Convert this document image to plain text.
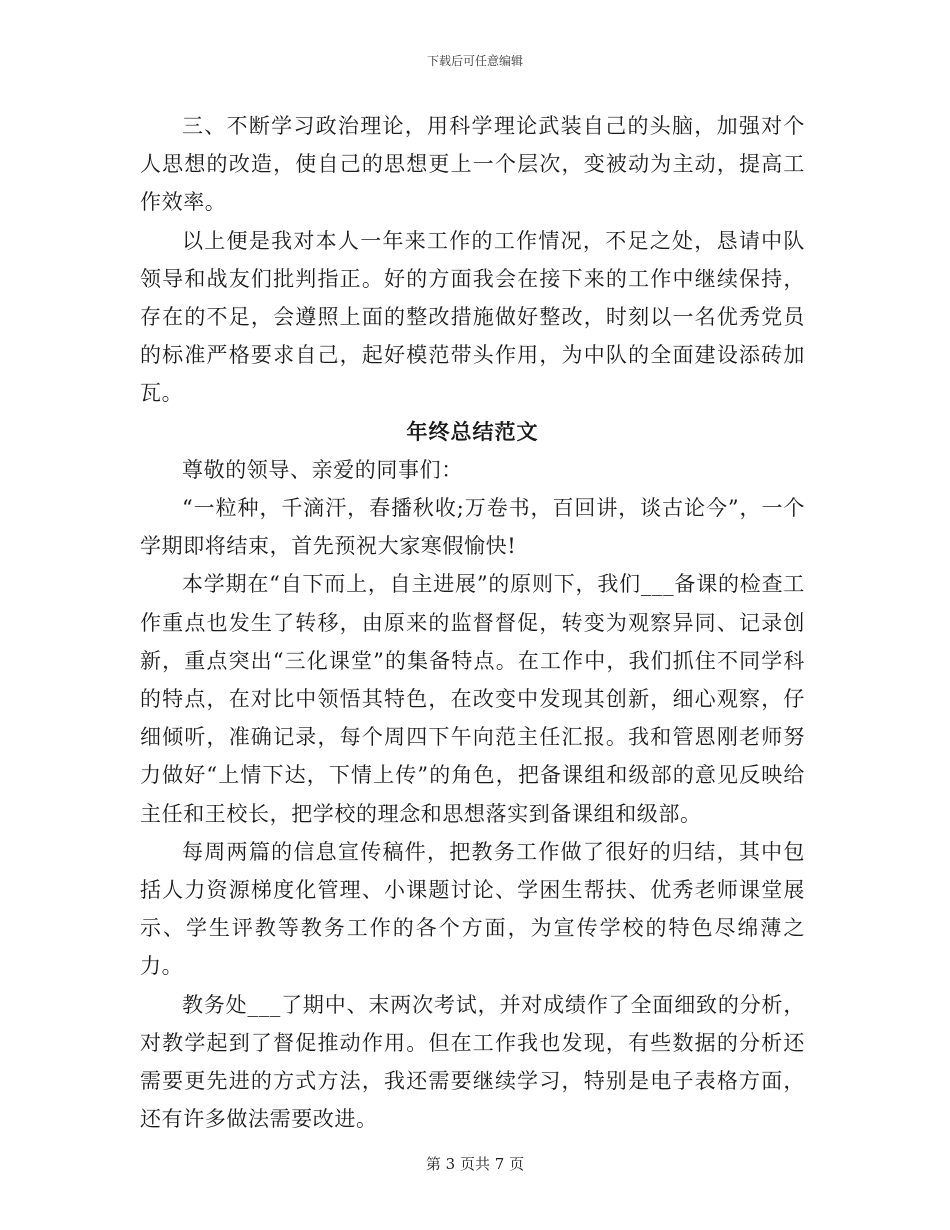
下载后可任意编辑

三、不断学习政治理论，用科学理论武装自己的头脑，加强对个人思想的改造，使自己的思想更上一个层次，变被动为主动，提高工作效率。

以上便是我对本人一年来工作的工作情况，不足之处，恳请中队领导和战友们批判指正。好的方面我会在接下来的工作中继续保持，存在的不足，会遵照上面的整改措施做好整改，时刻以一名优秀党员的标准严格要求自己，起好模范带头作用，为中队的全面建设添砖加瓦。

年终总结范文

尊敬的领导、亲爱的同事们：

“一粒种，千滴汗，春播秋收;万卷书，百回讲，谈古论今”，一个学期即将结束，首先预祝大家寒假愉快!

本学期在“自下而上，自主进展”的原则下，我们___备课的检查工作重点也发生了转移，由原来的监督督促，转变为观察异同、记录创新，重点突出“三化课堂”的集备特点。在工作中，我们抓住不同学科的特点，在对比中领悟其特色，在改变中发现其创新，细心观察，仔细倾听，准确记录，每个周四下午向范主任汇报。我和管恩刚老师努力做好“上情下达，下情上传”的角色，把备课组和级部的意见反映给主任和王校长，把学校的理念和思想落实到备课组和级部。

每周两篇的信息宣传稿件，把教务工作做了很好的归结，其中包括人力资源梯度化管理、小课题讨论、学困生帮扶、优秀老师课堂展示、学生评教等教务工作的各个方面，为宣传学校的特色尽绵薄之力。

教务处___了期中、末两次考试，并对成绩作了全面细致的分析，对教学起到了督促推动作用。但在工作我也发现，有些数据的分析还需要更先进的方式方法，我还需要继续学习，特别是电子表格方面，还有许多做法需要改进。

第 3 页共 7 页
